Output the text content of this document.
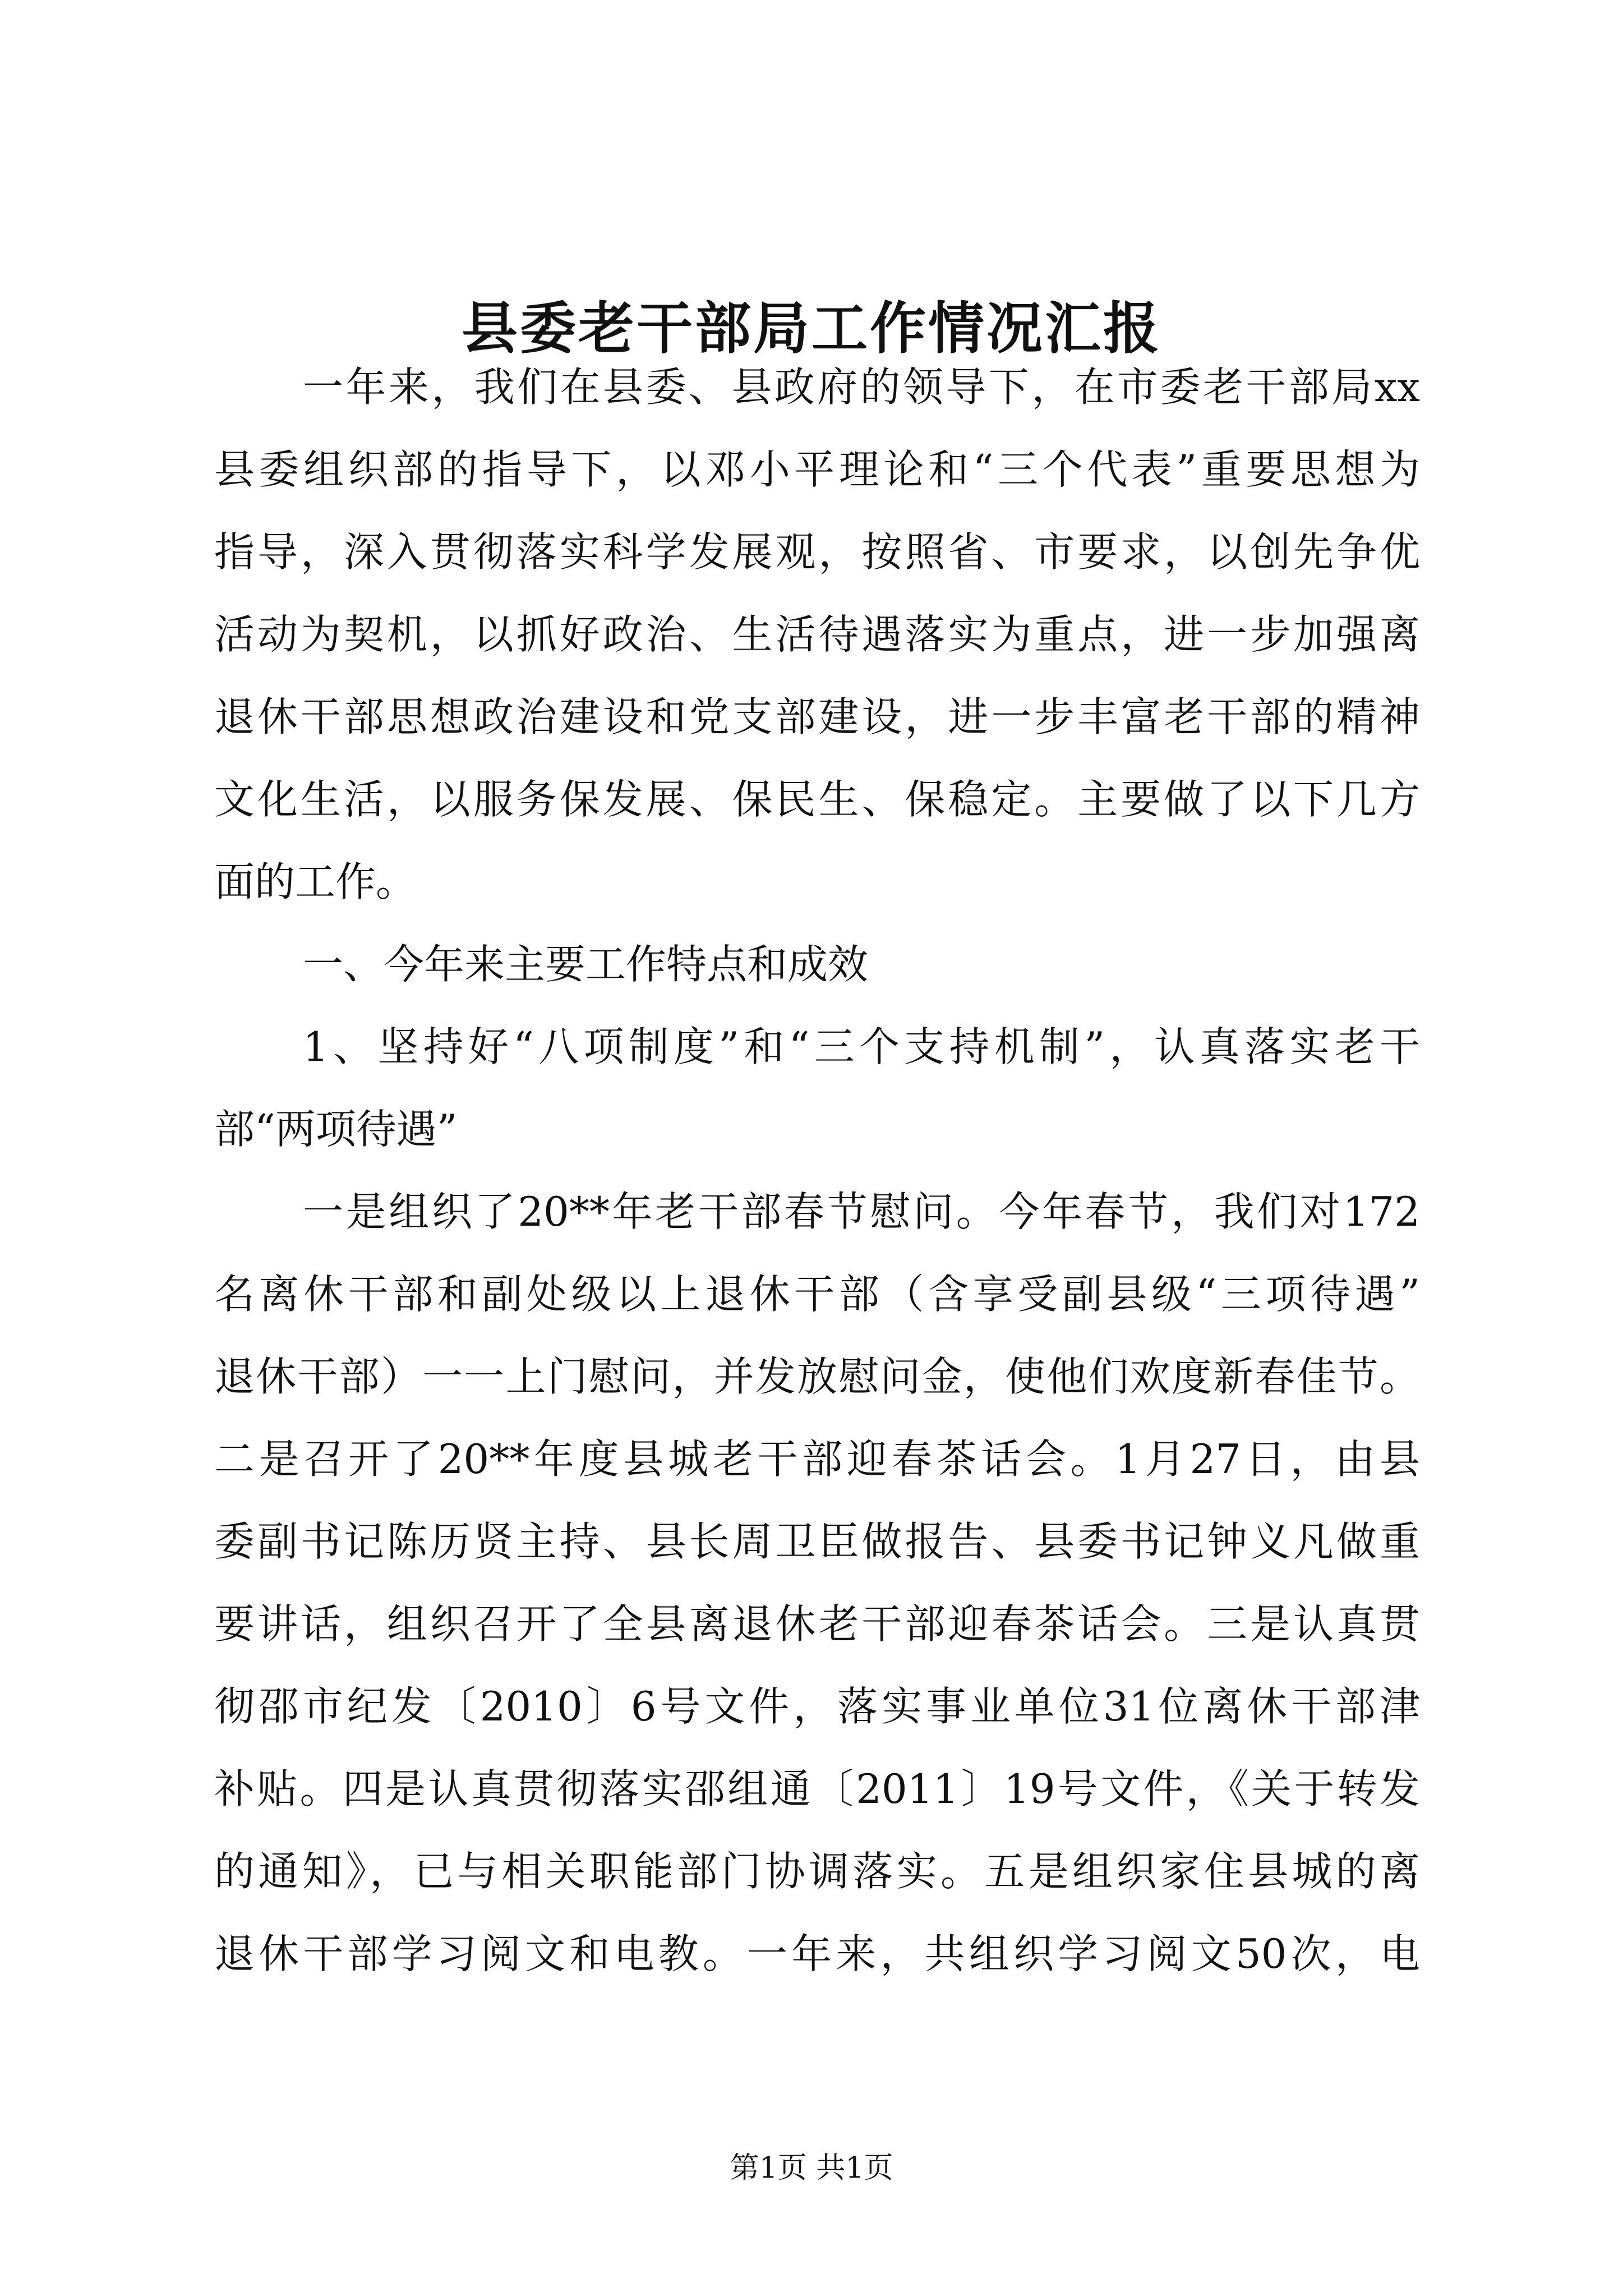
县委老干部局工作情况汇报

一年来，我们在县委、县政府的领导下，在市委老干部局xx

县委组织部的指导下，以邓小平理论和“三个代表”重要思想为

指导，深入贯彻落实科学发展观，按照省、市要求，以创先争优

活动为契机，以抓好政治、生活待遇落实为重点，进一步加强离

退休干部思想政治建设和党支部建设，进一步丰富老干部的精神

文化生活，以服务保发展、保民生、保稳定。主要做了以下几方

面的工作。

一、今年来主要工作特点和成效

1、坚持好“八项制度”和“三个支持机制”，认真落实老干

部“两项待遇”

一是组织了20**年老干部春节慰问。今年春节，我们对172

名离休干部和副处级以上退休干部（含享受副县级“三项待遇”

退休干部）一一上门慰问，并发放慰问金，使他们欢度新春佳节。

二是召开了20**年度县城老干部迎春茶话会。1月27日，由县

委副书记陈历贤主持、县长周卫臣做报告、县委书记钟义凡做重

要讲话，组织召开了全县离退休老干部迎春茶话会。三是认真贯

彻邵市纪发〔2010〕6号文件，落实事业单位31位离休干部津

补贴。四是认真贯彻落实邵组通〔2011〕19号文件，《关于转发

的通知》，已与相关职能部门协调落实。五是组织家住县城的离

退休干部学习阅文和电教。一年来，共组织学习阅文50次，电

第1页 共1页
